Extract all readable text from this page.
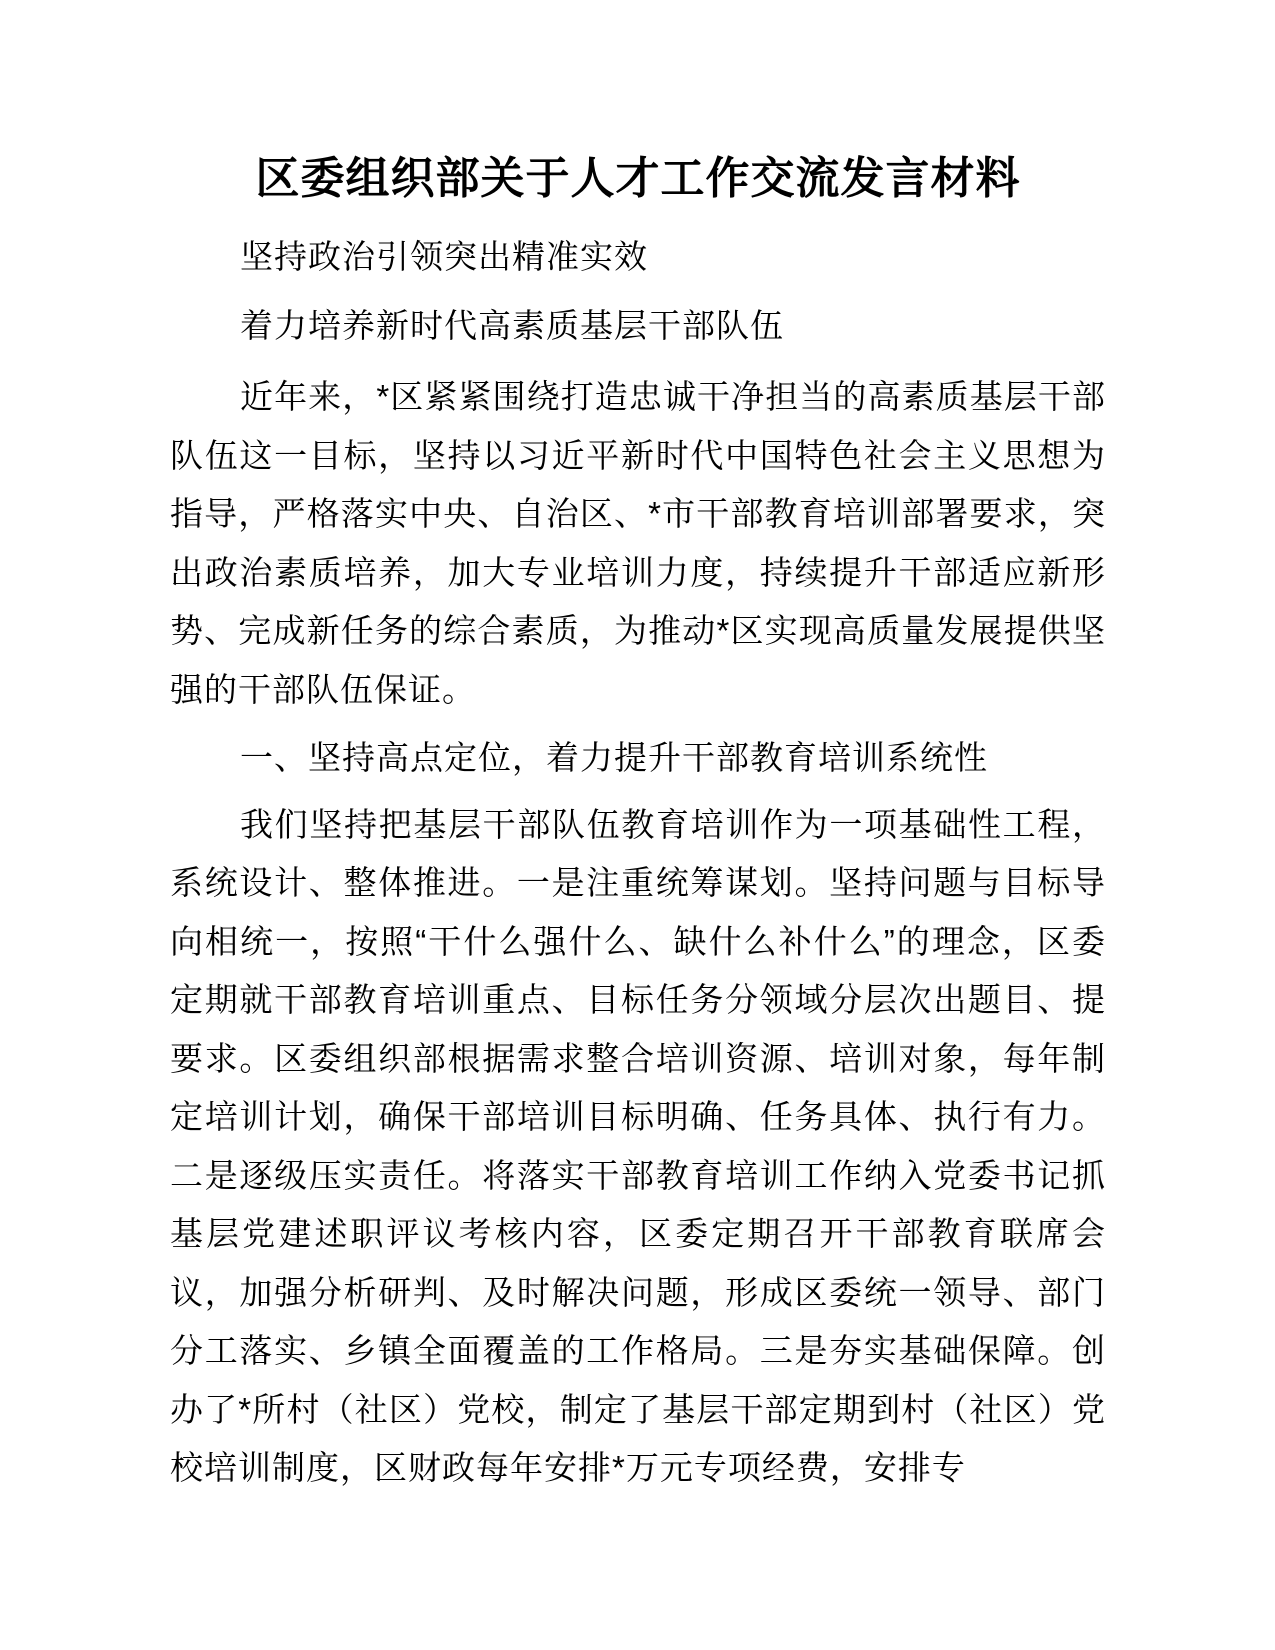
区委组织部关于人才工作交流发言材料

坚持政治引领突出精准实效

着力培养新时代高素质基层干部队伍

近年来，*区紧紧围绕打造忠诚干净担当的高素质基层干部队伍这一目标，坚持以习近平新时代中国特色社会主义思想为指导，严格落实中央、自治区、*市干部教育培训部署要求，突出政治素质培养，加大专业培训力度，持续提升干部适应新形势、完成新任务的综合素质，为推动*区实现高质量发展提供坚强的干部队伍保证。

一、坚持高点定位，着力提升干部教育培训系统性

我们坚持把基层干部队伍教育培训作为一项基础性工程，系统设计、整体推进。一是注重统筹谋划。坚持问题与目标导向相统一，按照“干什么强什么、缺什么补什么”的理念，区委定期就干部教育培训重点、目标任务分领域分层次出题目、提要求。区委组织部根据需求整合培训资源、培训对象，每年制定培训计划，确保干部培训目标明确、任务具体、执行有力。二是逐级压实责任。将落实干部教育培训工作纳入党委书记抓基层党建述职评议考核内容，区委定期召开干部教育联席会议，加强分析研判、及时解决问题，形成区委统一领导、部门分工落实、乡镇全面覆盖的工作格局。三是夯实基础保障。创办了*所村（社区）党校，制定了基层干部定期到村（社区）党校培训制度，区财政每年安排*万元专项经费，安排专
